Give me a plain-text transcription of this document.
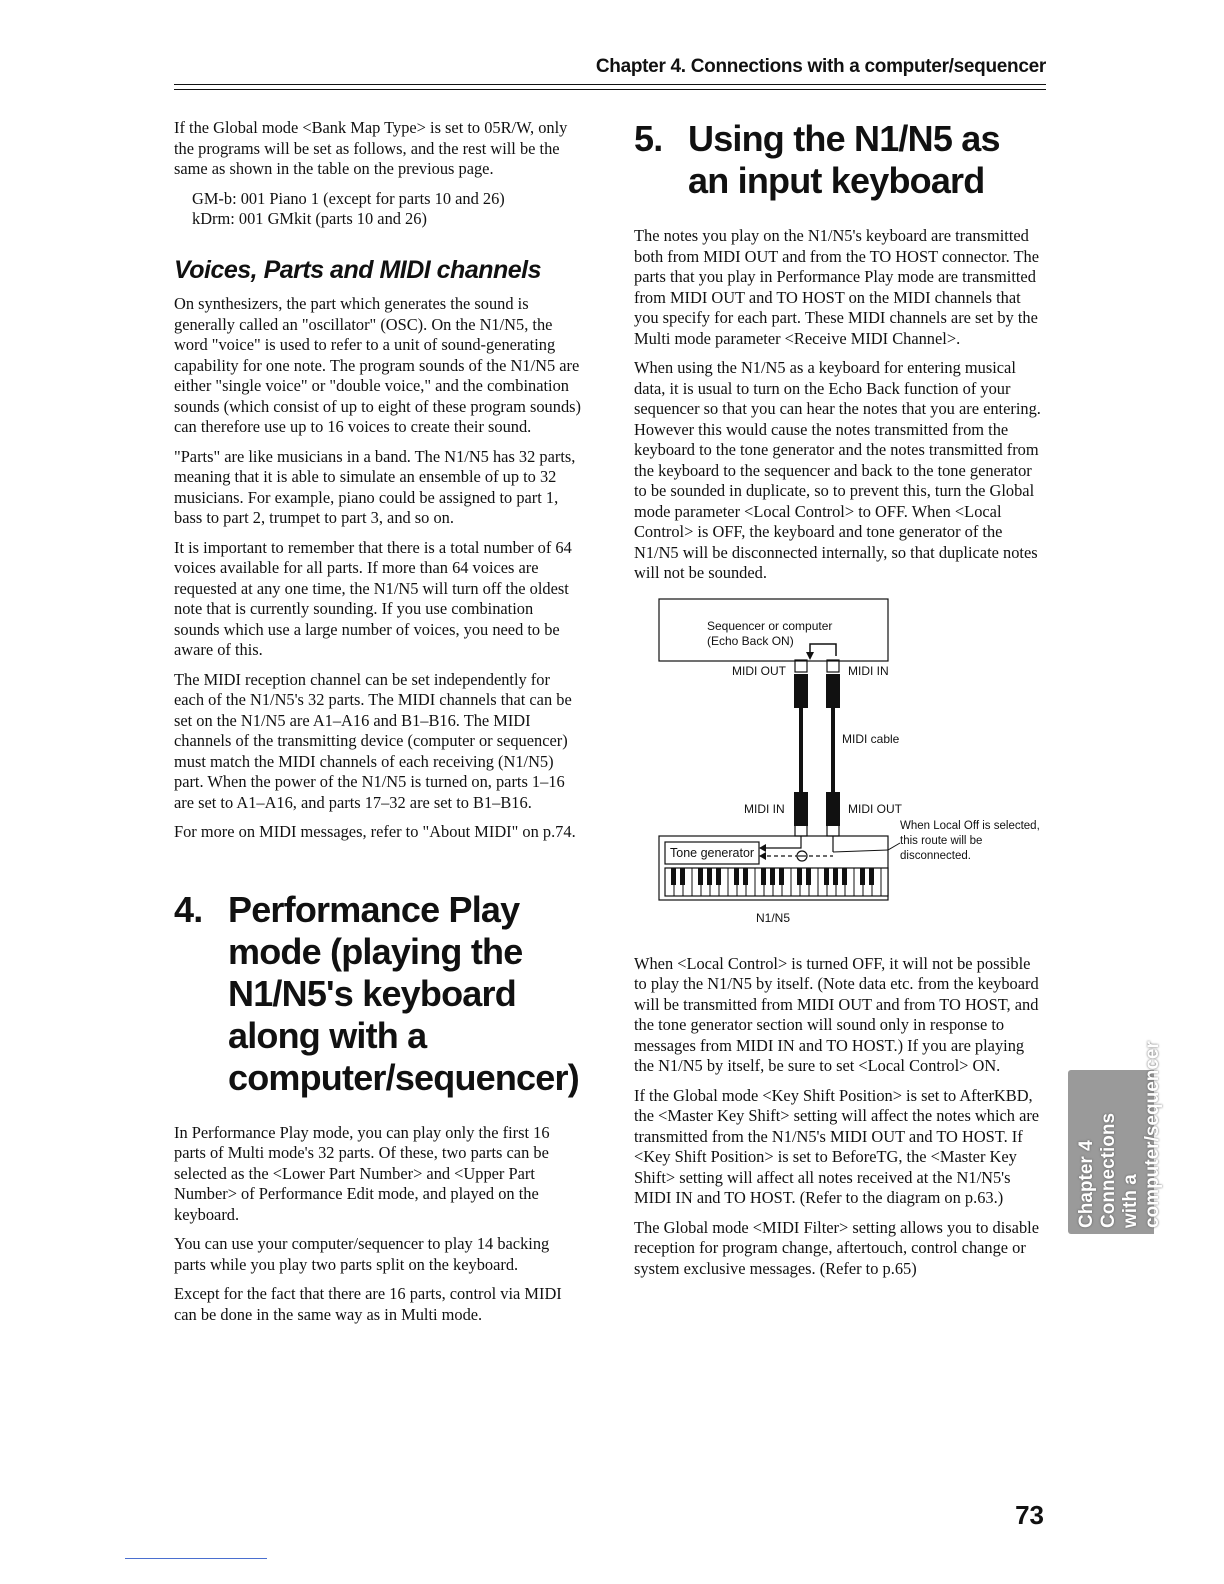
Chapter 4. Connections with a computer/sequencer

If the Global mode <Bank Map Type> is set to 05R/W, only the programs will be set as follows, and the rest will be the same as shown in the table on the previous page.

GM-b: 001 Piano 1 (except for parts 10 and 26)

kDrm: 001 GMkit (parts 10 and 26)

Voices, Parts and MIDI channels

On synthesizers, the part which generates the sound is generally called an "oscillator" (OSC). On the N1/N5, the word "voice" is used to refer to a unit of sound-generating capability for one note. The program sounds of the N1/N5 are either "single voice" or "double voice," and the combination sounds (which consist of up to eight of these program sounds) can therefore use up to 16 voices to create their sound.

"Parts" are like musicians in a band. The N1/N5 has 32 parts, meaning that it is able to simulate an ensemble of up to 32 musicians. For example, piano could be assigned to part 1, bass to part 2, trumpet to part 3, and so on.

It is important to remember that there is a total number of 64 voices available for all parts. If more than 64 voices are requested at any one time, the N1/N5 will turn off the oldest note that is currently sounding. If you use combination sounds which use a large number of voices, you need to be aware of this.

The MIDI reception channel can be set independently for each of the N1/N5's 32 parts. The MIDI channels that can be set on the N1/N5 are A1–A16 and B1–B16. The MIDI channels of the transmitting device (computer or sequencer) must match the MIDI channels of each receiving (N1/N5) part. When the power of the N1/N5 is turned on, parts 1–16 are set to A1–A16, and parts 17–32 are set to B1–B16.

For more on MIDI messages, refer to "About MIDI" on p.74.

4. Performance Play mode (playing the N1/N5's keyboard along with a computer/sequencer)

In Performance Play mode, you can play only the first 16 parts of Multi mode's 32 parts. Of these, two parts can be selected as the <Lower Part Number> and <Upper Part Number> of Performance Edit mode, and played on the keyboard.

You can use your computer/sequencer to play 14 backing parts while you play two parts split on the keyboard.

Except for the fact that there are 16 parts, control via MIDI can be done in the same way as in Multi mode.

5. Using the N1/N5 as an input keyboard

The notes you play on the N1/N5's keyboard are transmitted both from MIDI OUT and from the TO HOST connector. The parts that you play in Performance Play mode are transmitted from MIDI OUT and TO HOST on the MIDI channels that you specify for each part. These MIDI channels are set by the Multi mode parameter <Receive MIDI Channel>.

When using the N1/N5 as a keyboard for entering musical data, it is usual to turn on the Echo Back function of your sequencer so that you can hear the notes that you are entering. However this would cause the notes transmitted from the keyboard to the tone generator and the notes transmitted from the keyboard to the sequencer and back to the tone generator to be sounded in duplicate, so to prevent this, turn the Global mode parameter <Local Control> to OFF. When <Local Control> is OFF, the keyboard and tone generator of the N1/N5 will be disconnected internally, so that duplicate notes will not be sounded.

Sequencer or computer
(Echo Back ON)
MIDI OUT	MIDI IN
MIDI cable
MIDI IN	MIDI OUT
Tone generator
When Local Off is selected, this route will be disconnected.
N1/N5

When <Local Control> is turned OFF, it will not be possible to play the N1/N5 by itself. (Note data etc. from the keyboard will be transmitted from MIDI OUT and from TO HOST, and the tone generator section will sound only in response to messages from MIDI IN and TO HOST.) If you are playing the N1/N5 by itself, be sure to set <Local Control> ON.

If the Global mode <Key Shift Position> is set to AfterKBD, the <Master Key Shift> setting will affect the notes which are transmitted from the N1/N5's MIDI OUT and TO HOST. If <Key Shift Position> is set to BeforeTG, the <Master Key Shift> setting will affect all notes received at the N1/N5's MIDI IN and TO HOST. (Refer to the diagram on p.63.)

The Global mode <MIDI Filter> setting allows you to disable reception for program change, aftertouch, control change or system exclusive messages. (Refer to p.65)

Chapter 4 Connections with a computer/sequencer
73
